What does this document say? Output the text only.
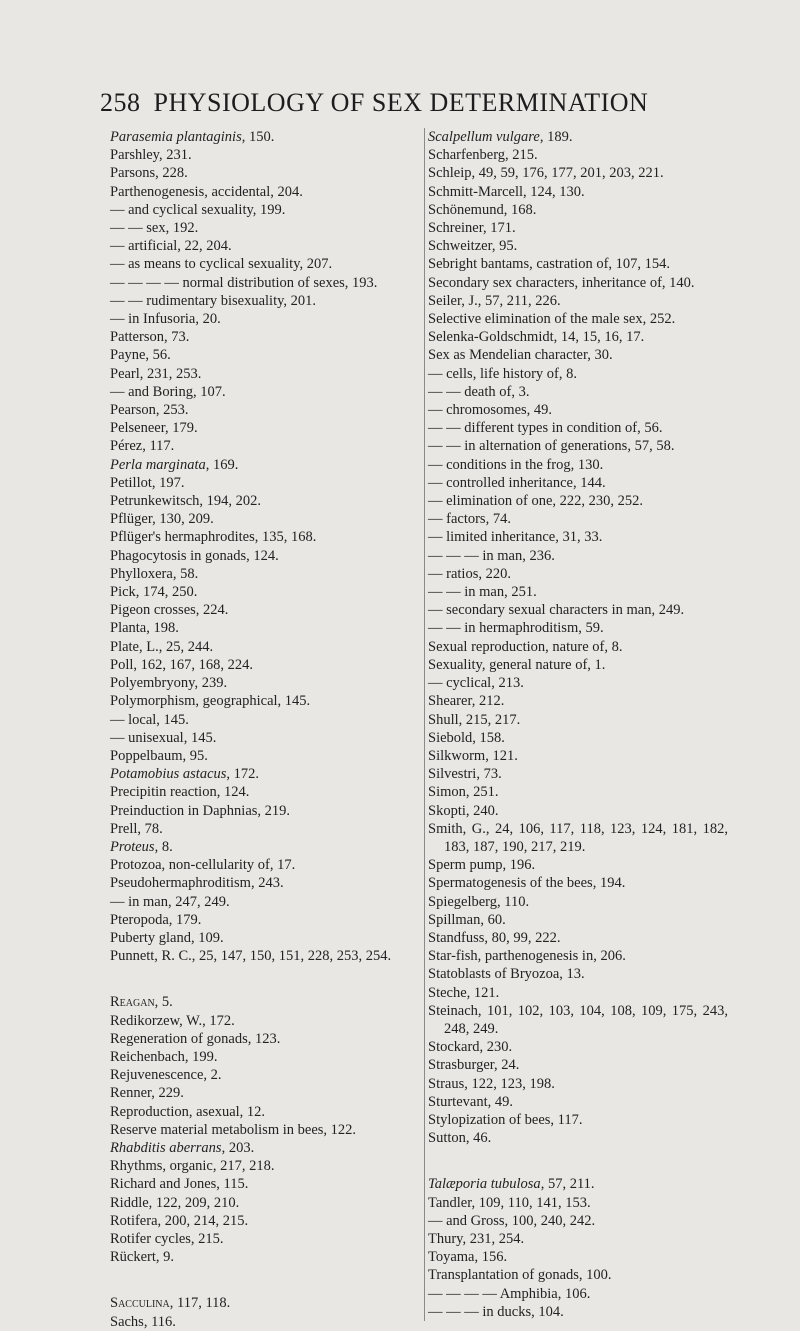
258 PHYSIOLOGY OF SEX DETERMINATION
Parasemia plantaginis, 150.
Parshley, 231.
Parsons, 228.
Parthenogenesis, accidental, 204.
— and cyclical sexuality, 199.
— — sex, 192.
— artificial, 22, 204.
— as means to cyclical sexuality, 207.
— — — — normal distribution of sexes, 193.
— — rudimentary bisexuality, 201.
— in Infusoria, 20.
Patterson, 73.
Payne, 56.
Pearl, 231, 253.
— and Boring, 107.
Pearson, 253.
Pelseneer, 179.
Pérez, 117.
Perla marginata, 169.
Petillot, 197.
Petrunkewitsch, 194, 202.
Pflüger, 130, 209.
Pflüger's hermaphrodites, 135, 168.
Phagocytosis in gonads, 124.
Phylloxera, 58.
Pick, 174, 250.
Pigeon crosses, 224.
Planta, 198.
Plate, L., 25, 244.
Poll, 162, 167, 168, 224.
Polyembryony, 239.
Polymorphism, geographical, 145.
— local, 145.
— unisexual, 145.
Poppelbaum, 95.
Potamobius astacus, 172.
Precipitin reaction, 124.
Preinduction in Daphnias, 219.
Prell, 78.
Proteus, 8.
Protozoa, non-cellularity of, 17.
Pseudohermaphroditism, 243.
— in man, 247, 249.
Pteropoda, 179.
Puberty gland, 109.
Punnett, R. C., 25, 147, 150, 151, 228, 253, 254.
Reagan, 5.
Redikorzew, W., 172.
Regeneration of gonads, 123.
Reichenbach, 199.
Rejuvenescence, 2.
Renner, 229.
Reproduction, asexual, 12.
Reserve material metabolism in bees, 122.
Rhabditis aberrans, 203.
Rhythms, organic, 217, 218.
Richard and Jones, 115.
Riddle, 122, 209, 210.
Rotifera, 200, 214, 215.
Rotifer cycles, 215.
Rückert, 9.
Sacculina, 117, 118.
Sachs, 116.
Scalpellum vulgare, 189.
Scharfenberg, 215.
Schleip, 49, 59, 176, 177, 201, 203, 221.
Schmitt-Marcell, 124, 130.
Schönemund, 168.
Schreiner, 171.
Schweitzer, 95.
Sebright bantams, castration of, 107, 154.
Secondary sex characters, inheritance of, 140.
Seiler, J., 57, 211, 226.
Selective elimination of the male sex, 252.
Selenka-Goldschmidt, 14, 15, 16, 17.
Sex as Mendelian character, 30.
— cells, life history of, 8.
— — death of, 3.
— chromosomes, 49.
— — different types in condition of, 56.
— — in alternation of generations, 57, 58.
— conditions in the frog, 130.
— controlled inheritance, 144.
— elimination of one, 222, 230, 252.
— factors, 74.
— limited inheritance, 31, 33.
— — — in man, 236.
— ratios, 220.
— — in man, 251.
— secondary sexual characters in man, 249.
— — in hermaphroditism, 59.
Sexual reproduction, nature of, 8.
Sexuality, general nature of, 1.
— cyclical, 213.
Shearer, 212.
Shull, 215, 217.
Siebold, 158.
Silkworm, 121.
Silvestri, 73.
Simon, 251.
Skopti, 240.
Smith, G., 24, 106, 117, 118, 123, 124, 181, 182, 183, 187, 190, 217, 219.
Sperm pump, 196.
Spermatogenesis of the bees, 194.
Spiegelberg, 110.
Spillman, 60.
Standfuss, 80, 99, 222.
Star-fish, parthenogenesis in, 206.
Statoblasts of Bryozoa, 13.
Steche, 121.
Steinach, 101, 102, 103, 104, 108, 109, 175, 243, 248, 249.
Stockard, 230.
Strasburger, 24.
Straus, 122, 123, 198.
Sturtevant, 49.
Stylopization of bees, 117.
Sutton, 46.
Talæporia tubulosa, 57, 211.
Tandler, 109, 110, 141, 153.
— and Gross, 100, 240, 242.
Thury, 231, 254.
Toyama, 156.
Transplantation of gonads, 100.
— — — — Amphibia, 106.
— — — in ducks, 104.
